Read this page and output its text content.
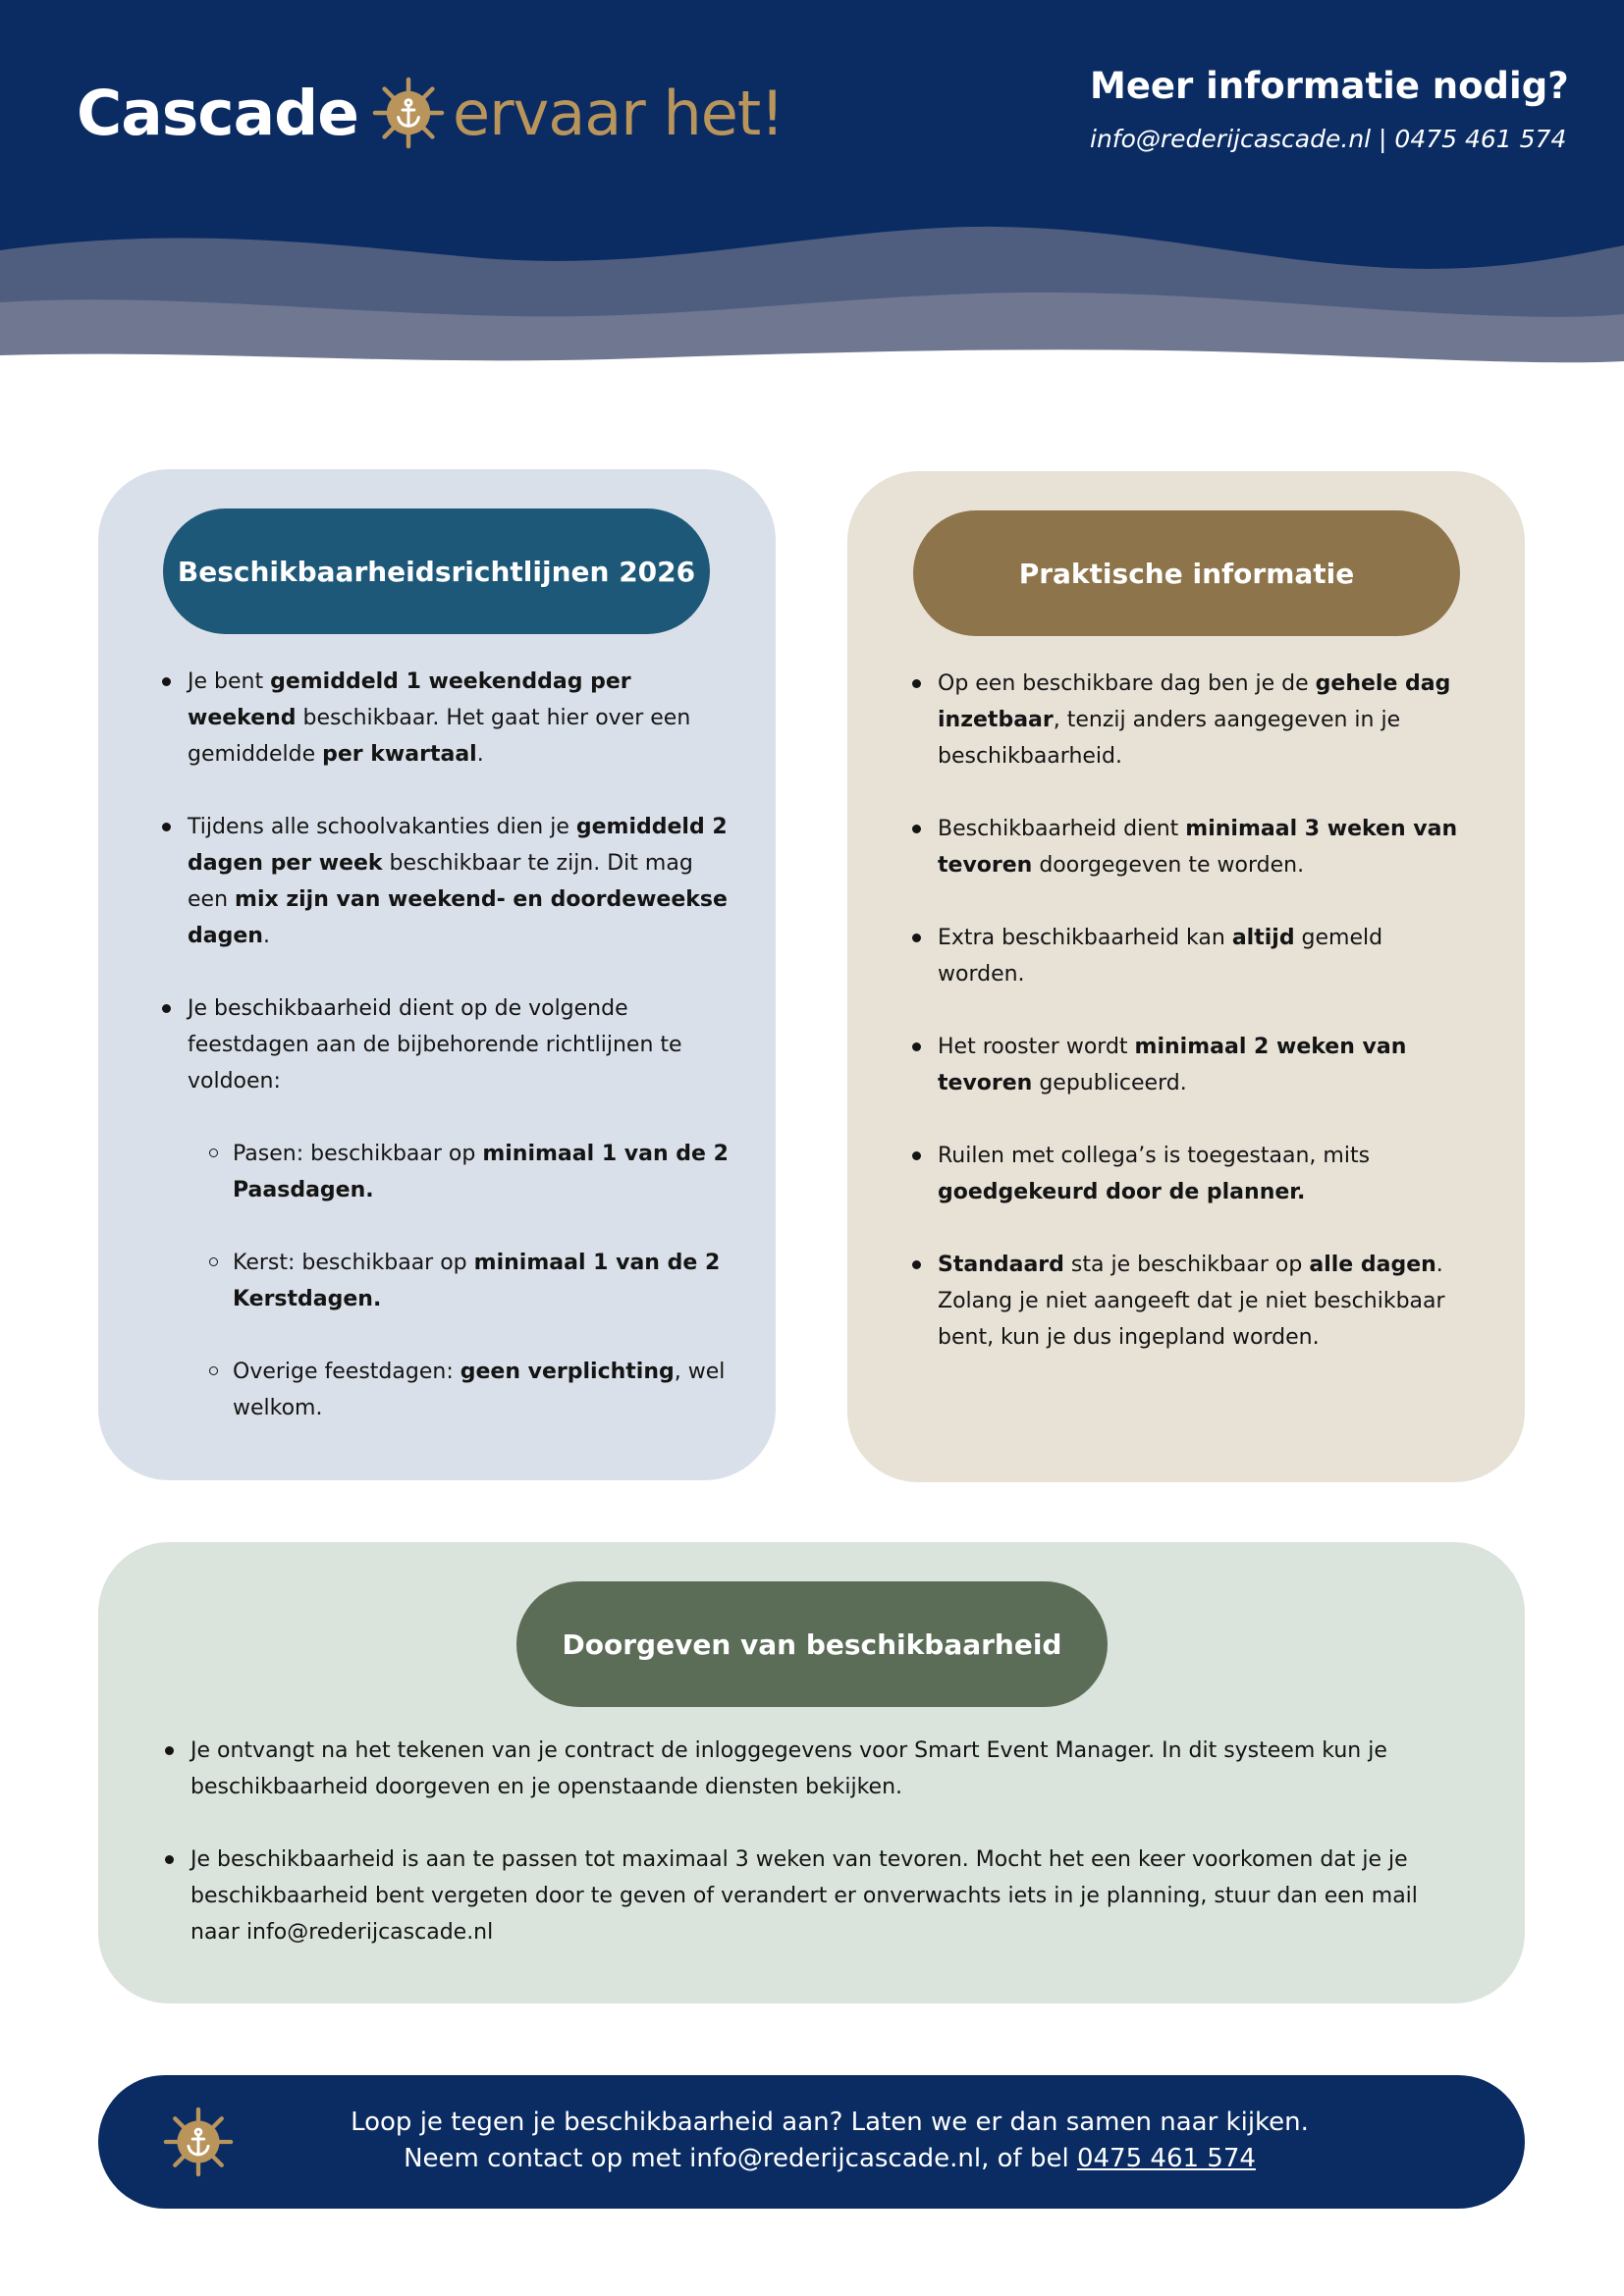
Cascade ervaar het!	Meer informatie nodig?
info@rederijcascade.nl | 0475 461 574
Beschikbaarheidsrichtlijnen 2026
Je bent gemiddeld 1 weekenddag per weekend beschikbaar. Het gaat hier over een gemiddelde per kwartaal.
Tijdens alle schoolvakanties dien je gemiddeld 2 dagen per week beschikbaar te zijn. Dit mag een mix zijn van weekend- en doordeweekse dagen.
Je beschikbaarheid dient op de volgende feestdagen aan de bijbehorende richtlijnen te voldoen:
Pasen: beschikbaar op minimaal 1 van de 2 Paasdagen.
Kerst: beschikbaar op minimaal 1 van de 2 Kerstdagen.
Overige feestdagen: geen verplichting, wel welkom.
Praktische informatie
Op een beschikbare dag ben je de gehele dag inzetbaar, tenzij anders aangegeven in je beschikbaarheid.
Beschikbaarheid dient minimaal 3 weken van tevoren doorgegeven te worden.
Extra beschikbaarheid kan altijd gemeld worden.
Het rooster wordt minimaal 2 weken van tevoren gepubliceerd.
Ruilen met collega’s is toegestaan, mits goedgekeurd door de planner.
Standaard sta je beschikbaar op alle dagen. Zolang je niet aangeeft dat je niet beschikbaar bent, kun je dus ingepland worden.
Doorgeven van beschikbaarheid
Je ontvangt na het tekenen van je contract de inloggegevens voor Smart Event Manager. In dit systeem kun je beschikbaarheid doorgeven en je openstaande diensten bekijken.
Je beschikbaarheid is aan te passen tot maximaal 3 weken van tevoren. Mocht het een keer voorkomen dat je je beschikbaarheid bent vergeten door te geven of verandert er onverwachts iets in je planning, stuur dan een mail naar info@rederijcascade.nl
Loop je tegen je beschikbaarheid aan? Laten we er dan samen naar kijken.
Neem contact op met info@rederijcascade.nl, of bel 0475 461 574
